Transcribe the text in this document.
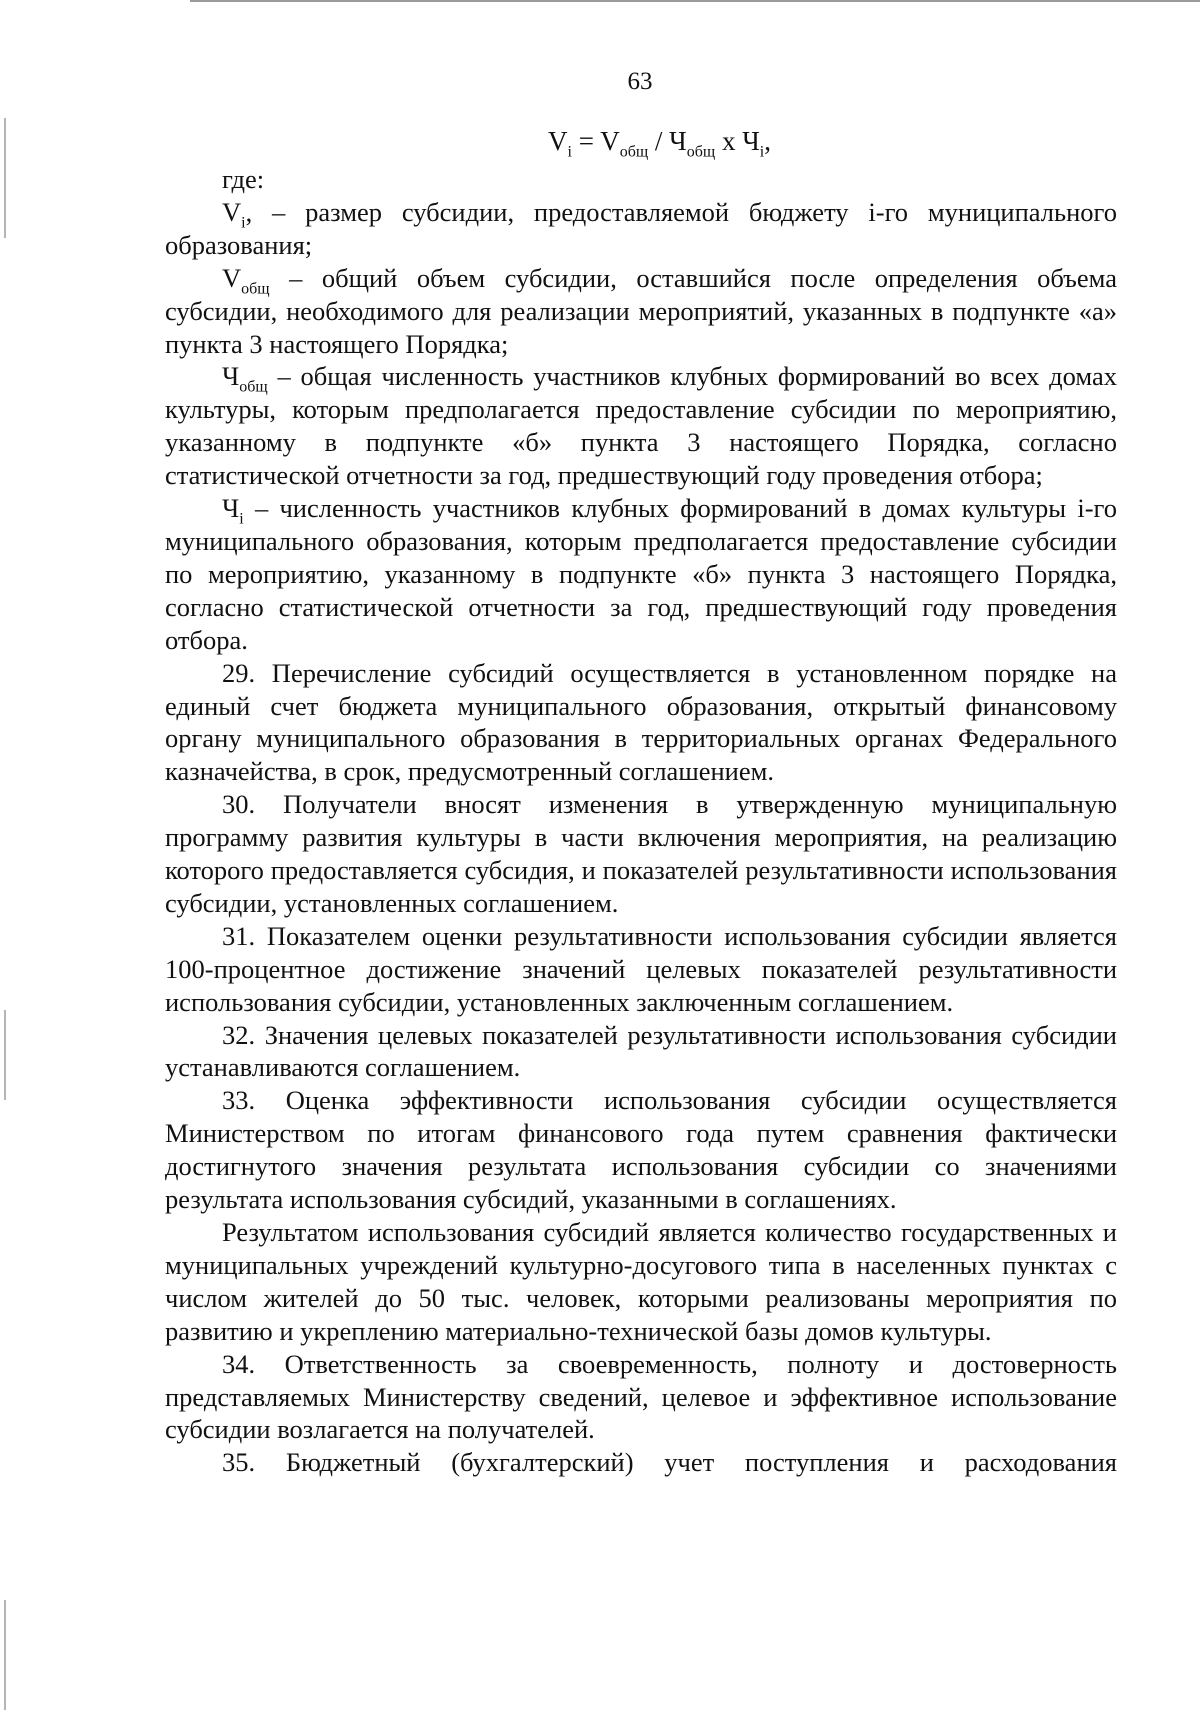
63
$V_i = V_{общ} / Ч_{общ}$ x $Ч_i$,

где:

$V_i$, – размер субсидии, предоставляемой бюджету i-го муниципального образования;

$V_{общ}$ – общий объем субсидии, оставшийся после определения объема субсидии, необходимого для реализации мероприятий, указанных в подпункте «а» пункта 3 настоящего Порядка;

$Ч_{общ}$ – общая численность участников клубных формирований во всех домах культуры, которым предполагается предоставление субсидии по мероприятию, указанному в подпункте «б» пункта 3 настоящего Порядка, согласно статистической отчетности за год, предшествующий году проведения отбора;

$Ч_i$ – численность участников клубных формирований в домах культуры i-го муниципального образования, которым предполагается предоставление субсидии по мероприятию, указанному в подпункте «б» пункта 3 настоящего Порядка, согласно статистической отчетности за год, предшествующий году проведения отбора.

29. Перечисление субсидий осуществляется в установленном порядке на единый счет бюджета муниципального образования, открытый финансовому органу муниципального образования в территориальных органах Федерального казначейства, в срок, предусмотренный соглашением.

30. Получатели вносят изменения в утвержденную муниципальную программу развития культуры в части включения мероприятия, на реализацию которого предоставляется субсидия, и показателей результативности использования субсидии, установленных соглашением.

31. Показателем оценки результативности использования субсидии является 100-процентное достижение значений целевых показателей результативности использования субсидии, установленных заключенным соглашением.

32. Значения целевых показателей результативности использования субсидии устанавливаются соглашением.

33. Оценка эффективности использования субсидии осуществляется Министерством по итогам финансового года путем сравнения фактически достигнутого значения результата использования субсидии со значениями результата использования субсидий, указанными в соглашениях.

Результатом использования субсидий является количество государственных и муниципальных учреждений культурно-досугового типа в населенных пунктах с числом жителей до 50 тыс. человек, которыми реализованы мероприятия по развитию и укреплению материально-технической базы домов культуры.

34. Ответственность за своевременность, полноту и достоверность представляемых Министерству сведений, целевое и эффективное использование субсидии возлагается на получателей.

35. Бюджетный (бухгалтерский) учет поступления и расходования
